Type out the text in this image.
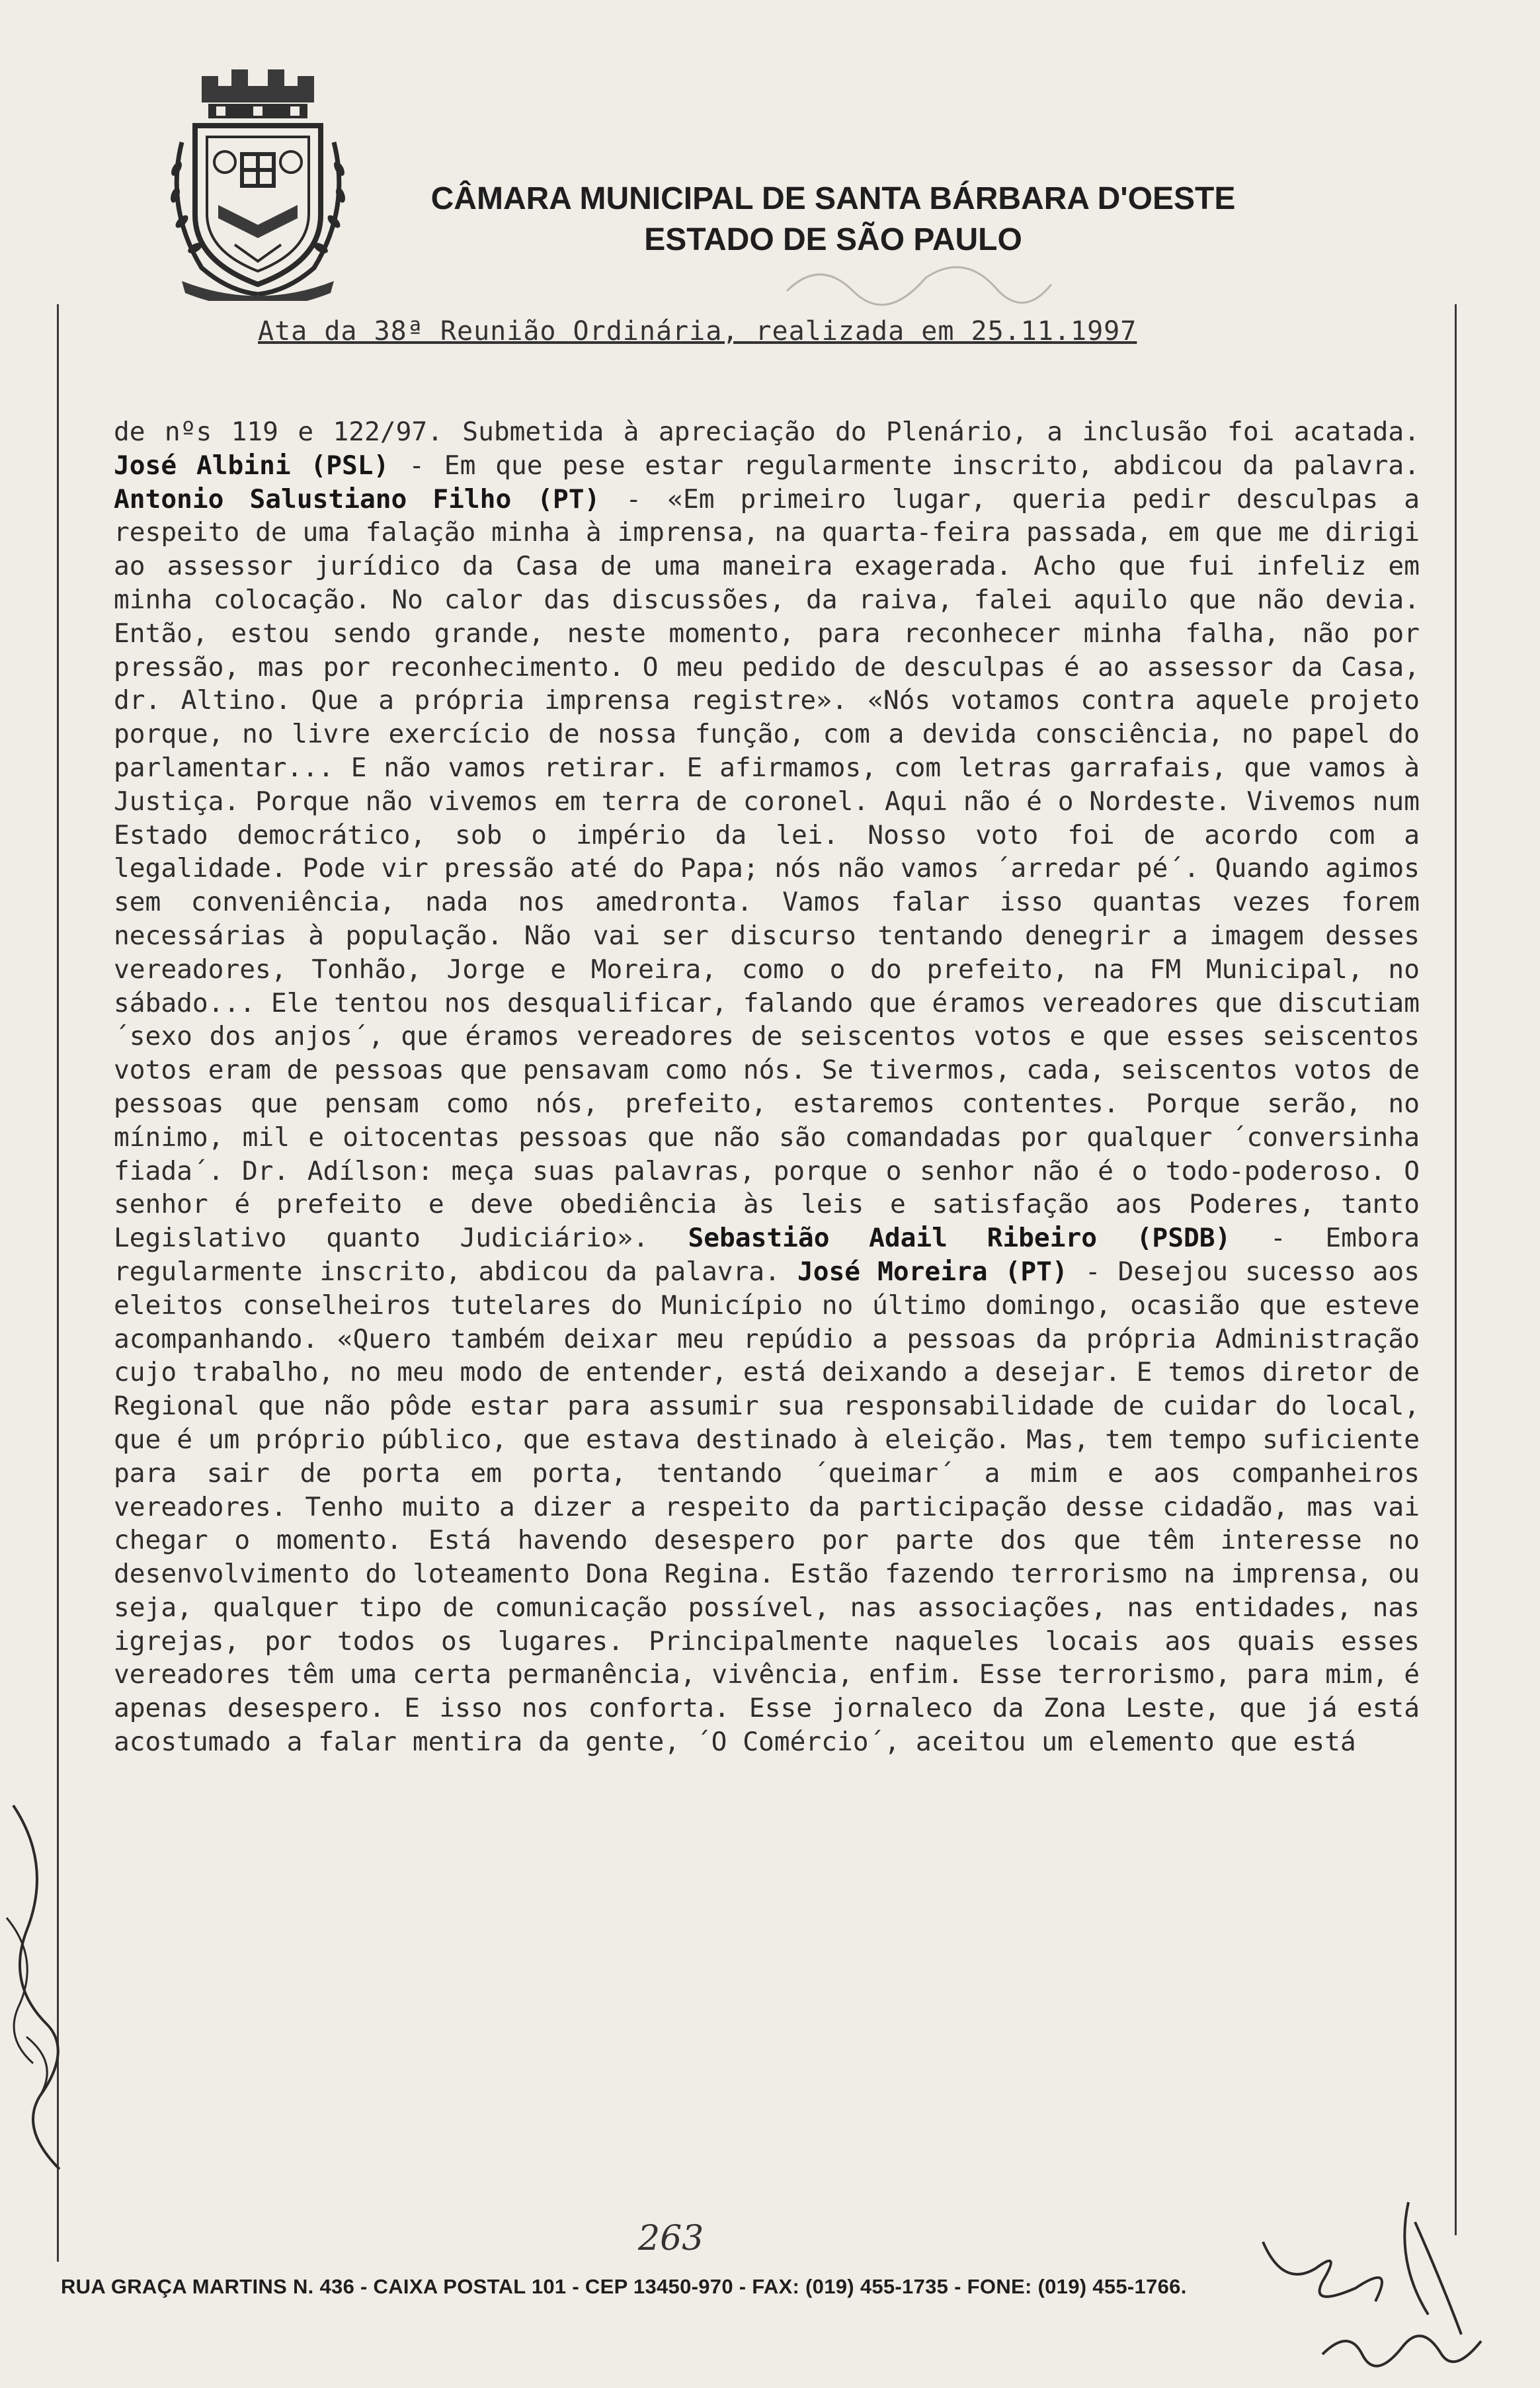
CÂMARA MUNICIPAL DE SANTA BÁRBARA D'OESTE
ESTADO DE SÃO PAULO
Ata da 38ª Reunião Ordinária, realizada em 25.11.1997
de nºs 119 e 122/97. Submetida à apreciação do Plenário, a inclusão foi acatada. José Albini (PSL) - Em que pese estar regularmente inscrito, abdicou da palavra. Antonio Salustiano Filho (PT) - «Em primeiro lugar, queria pedir desculpas a respeito de uma falação minha à imprensa, na quarta-feira passada, em que me dirigi ao assessor jurídico da Casa de uma maneira exagerada. Acho que fui infeliz em minha colocação. No calor das discussões, da raiva, falei aquilo que não devia. Então, estou sendo grande, neste momento, para reconhecer minha falha, não por pressão, mas por reconhecimento. O meu pedido de desculpas é ao assessor da Casa, dr. Altino. Que a própria imprensa registre». «Nós votamos contra aquele projeto porque, no livre exercício de nossa função, com a devida consciência, no papel do parlamentar... E não vamos retirar. E afirmamos, com letras garrafais, que vamos à Justiça. Porque não vivemos em terra de coronel. Aqui não é o Nordeste. Vivemos num Estado democrático, sob o império da lei. Nosso voto foi de acordo com a legalidade. Pode vir pressão até do Papa; nós não vamos ´arredar pé´. Quando agimos sem conveniência, nada nos amedronta. Vamos falar isso quantas vezes forem necessárias à população. Não vai ser discurso tentando denegrir a imagem desses vereadores, Tonhão, Jorge e Moreira, como o do prefeito, na FM Municipal, no sábado... Ele tentou nos desqualificar, falando que éramos vereadores que discutiam ´sexo dos anjos´, que éramos vereadores de seiscentos votos e que esses seiscentos votos eram de pessoas que pensavam como nós. Se tivermos, cada, seiscentos votos de pessoas que pensam como nós, prefeito, estaremos contentes. Porque serão, no mínimo, mil e oitocentas pessoas que não são comandadas por qualquer ´conversinha fiada´. Dr. Adílson: meça suas palavras, porque o senhor não é o todo-poderoso. O senhor é prefeito e deve obediência às leis e satisfação aos Poderes, tanto Legislativo quanto Judiciário». Sebastião Adail Ribeiro (PSDB) - Embora regularmente inscrito, abdicou da palavra. José Moreira (PT) - Desejou sucesso aos eleitos conselheiros tutelares do Município no último domingo, ocasião que esteve acompanhando. «Quero também deixar meu repúdio a pessoas da própria Administração cujo trabalho, no meu modo de entender, está deixando a desejar. E temos diretor de Regional que não pôde estar para assumir sua responsabilidade de cuidar do local, que é um próprio público, que estava destinado à eleição. Mas, tem tempo suficiente para sair de porta em porta, tentando ´queimar´ a mim e aos companheiros vereadores. Tenho muito a dizer a respeito da participação desse cidadão, mas vai chegar o momento. Está havendo desespero por parte dos que têm interesse no desenvolvimento do loteamento Dona Regina. Estão fazendo terrorismo na imprensa, ou seja, qualquer tipo de comunicação possível, nas associações, nas entidades, nas igrejas, por todos os lugares. Principalmente naqueles locais aos quais esses vereadores têm uma certa permanência, vivência, enfim. Esse terrorismo, para mim, é apenas desespero. E isso nos conforta. Esse jornaleco da Zona Leste, que já está acostumado a falar mentira da gente, ´O Comércio´, aceitou um elemento que está
263
RUA GRAÇA MARTINS N. 436 - CAIXA POSTAL 101 - CEP 13450-970 - FAX: (019) 455-1735 - FONE: (019) 455-1766.
